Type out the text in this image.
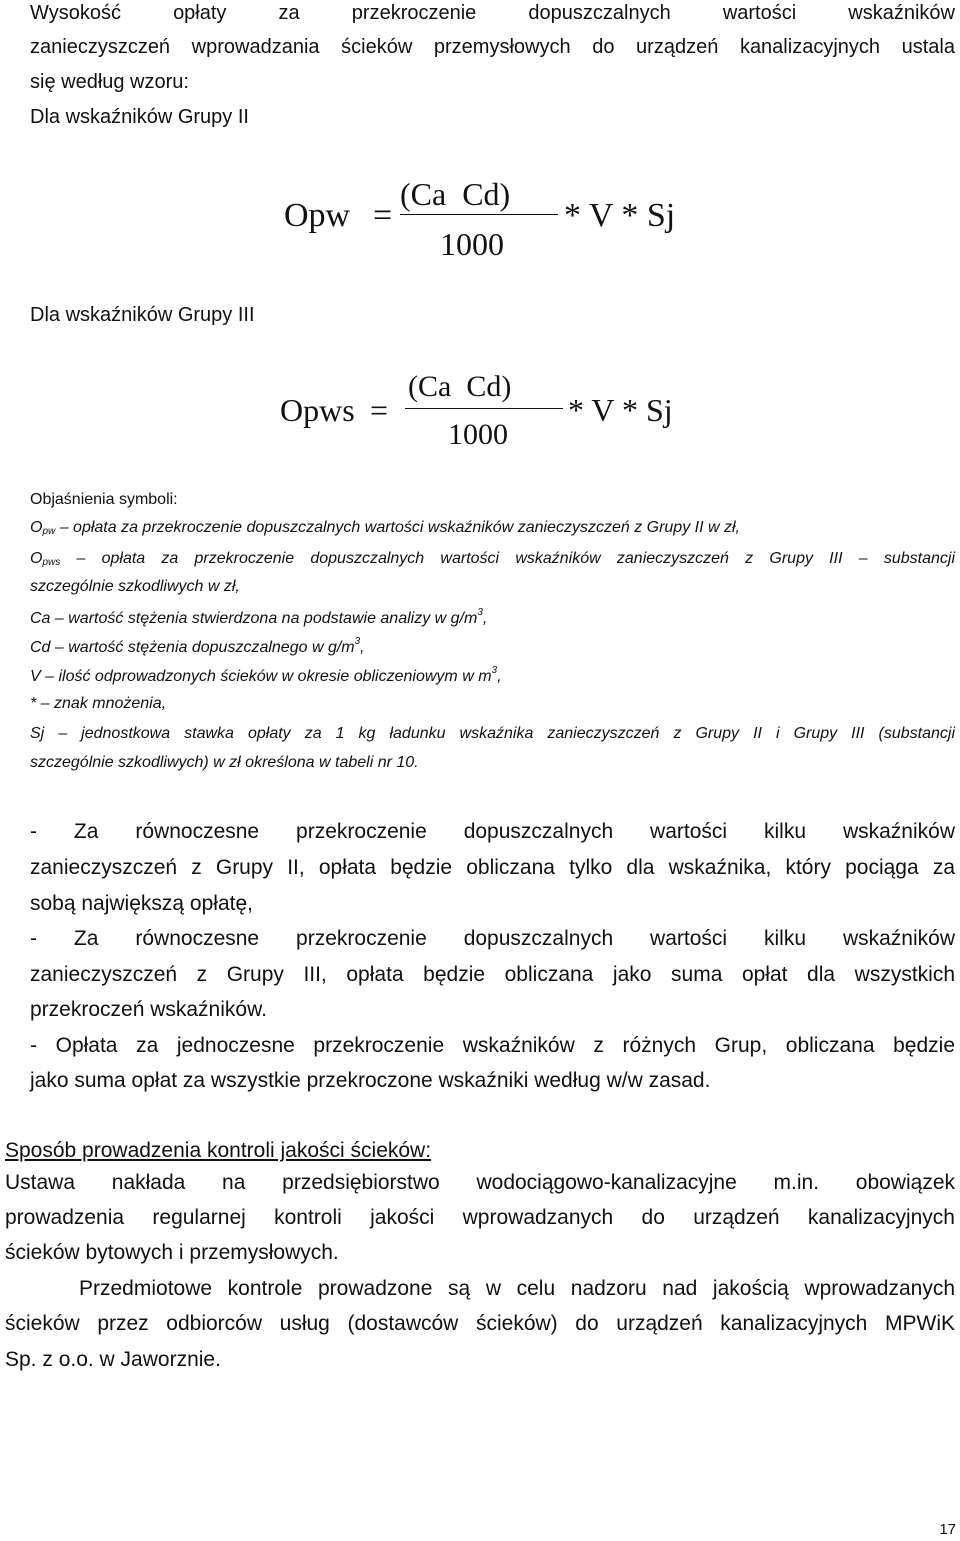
Wysokość opłaty za przekroczenie dopuszczalnych wartości wskaźników
zanieczyszczeń wprowadzania ścieków przemysłowych do urządzeń kanalizacyjnych ustala
się według wzoru:
Dla wskaźników Grupy II
Opw =
(Ca  Cd)
1000
* V * Sj
Dla wskaźników Grupy III
Opws =
(Ca  Cd)
1000
* V * Sj
Objaśnienia symboli:
$O_{pw}$ – opłata za przekroczenie dopuszczalnych wartości wskaźników zanieczyszczeń z Grupy II w zł,
$O_{pws}$ – opłata za przekroczenie dopuszczalnych wartości wskaźników zanieczyszczeń z Grupy III – substancji
szczególnie szkodliwych w zł,
Ca – wartość stężenia stwierdzona na podstawie analizy w $g/m^3$,
Cd – wartość stężenia dopuszczalnego w $g/m^3$,
V – ilość odprowadzonych ścieków w okresie obliczeniowym w $m^3$,
* – znak mnożenia,
Sj – jednostkowa stawka opłaty za 1 kg ładunku wskaźnika zanieczyszczeń z Grupy II i Grupy III (substancji
szczególnie szkodliwych) w zł określona w tabeli nr 10.
- Za równoczesne przekroczenie dopuszczalnych wartości kilku wskaźników
zanieczyszczeń z Grupy II, opłata będzie obliczana tylko dla wskaźnika, który pociąga za
sobą największą opłatę,
- Za równoczesne przekroczenie dopuszczalnych wartości kilku wskaźników
zanieczyszczeń z Grupy III, opłata będzie obliczana jako suma opłat dla wszystkich
przekroczeń wskaźników.
- Opłata za jednoczesne przekroczenie wskaźników z różnych Grup, obliczana będzie
jako suma opłat za wszystkie przekroczone wskaźniki według w/w zasad.
Sposób prowadzenia kontroli jakości ścieków:
Ustawa nakłada na przedsiębiorstwo wodociągowo-kanalizacyjne m.in. obowiązek
prowadzenia regularnej kontroli jakości wprowadzanych do urządzeń kanalizacyjnych
ścieków bytowych i przemysłowych.
Przedmiotowe kontrole prowadzone są w celu nadzoru nad jakością wprowadzanych
ścieków przez odbiorców usług (dostawców ścieków) do urządzeń kanalizacyjnych MPWiK
Sp. z o.o. w Jaworznie.
17
